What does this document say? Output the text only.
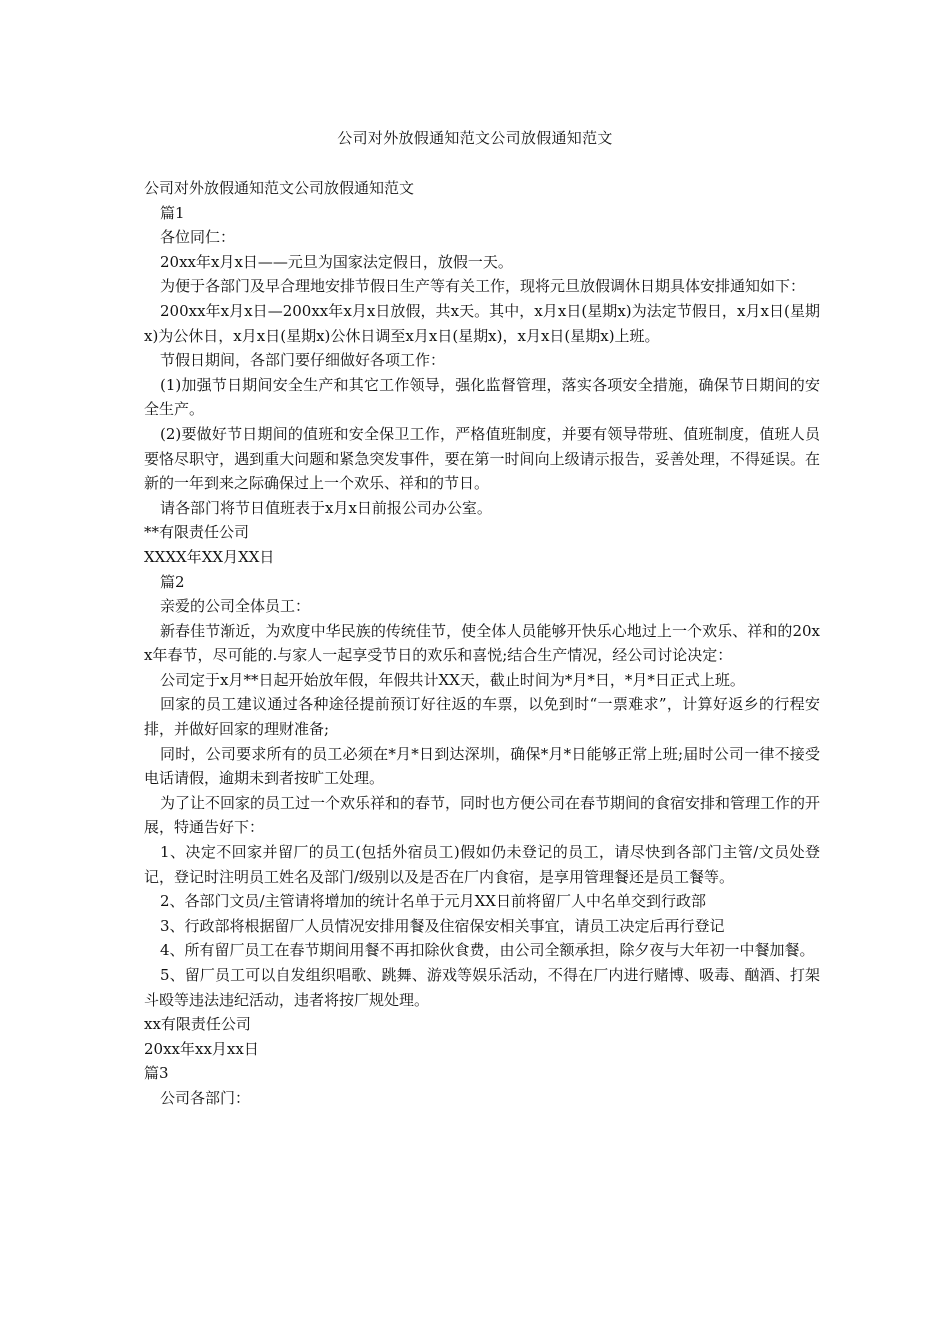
公司对外放假通知范文公司放假通知范文

公司对外放假通知范文公司放假通知范文

篇1

各位同仁：

20xx年x月x日——元旦为国家法定假日，放假一天。

为便于各部门及早合理地安排节假日生产等有关工作，现将元旦放假调休日期具体安排通知如下：

200xx年x月x日—200xx年x月x日放假，共x天。其中，x月x日(星期x)为法定节假日，x月x日(星期x)为公休日，x月x日(星期x)公休日调至x月x日(星期x)，x月x日(星期x)上班。

节假日期间，各部门要仔细做好各项工作：

(1)加强节日期间安全生产和其它工作领导，强化监督管理，落实各项安全措施，确保节日期间的安全生产。

(2)要做好节日期间的值班和安全保卫工作，严格值班制度，并要有领导带班、值班制度，值班人员要恪尽职守，遇到重大问题和紧急突发事件，要在第一时间向上级请示报告，妥善处理，不得延误。在新的一年到来之际确保过上一个欢乐、祥和的节日。

请各部门将节日值班表于x月x日前报公司办公室。

**有限责任公司

XXXX年XX月XX日

篇2

亲爱的公司全体员工：

新春佳节渐近，为欢度中华民族的传统佳节，使全体人员能够开快乐心地过上一个欢乐、祥和的20xx年春节，尽可能的.与家人一起享受节日的欢乐和喜悦;结合生产情况，经公司讨论决定：

公司定于x月**日起开始放年假，年假共计XX天，截止时间为*月*日，*月*日正式上班。

回家的员工建议通过各种途径提前预订好往返的车票，以免到时“一票难求”，计算好返乡的行程安排，并做好回家的理财准备;

同时，公司要求所有的员工必须在*月*日到达深圳，确保*月*日能够正常上班;届时公司一律不接受电话请假，逾期未到者按旷工处理。

为了让不回家的员工过一个欢乐祥和的春节，同时也方便公司在春节期间的食宿安排和管理工作的开展，特通告好下：

1、决定不回家并留厂的员工(包括外宿员工)假如仍未登记的员工，请尽快到各部门主管/文员处登记，登记时注明员工姓名及部门/级别以及是否在厂内食宿，是享用管理餐还是员工餐等。

2、各部门文员/主管请将增加的统计名单于元月XX日前将留厂人中名单交到行政部

3、行政部将根据留厂人员情况安排用餐及住宿保安相关事宜，请员工决定后再行登记

4、所有留厂员工在春节期间用餐不再扣除伙食费，由公司全额承担，除夕夜与大年初一中餐加餐。

5、留厂员工可以自发组织唱歌、跳舞、游戏等娱乐活动，不得在厂内进行赌博、吸毒、酗酒、打架斗殴等违法违纪活动，违者将按厂规处理。

xx有限责任公司

20xx年xx月xx日

篇3

公司各部门：
